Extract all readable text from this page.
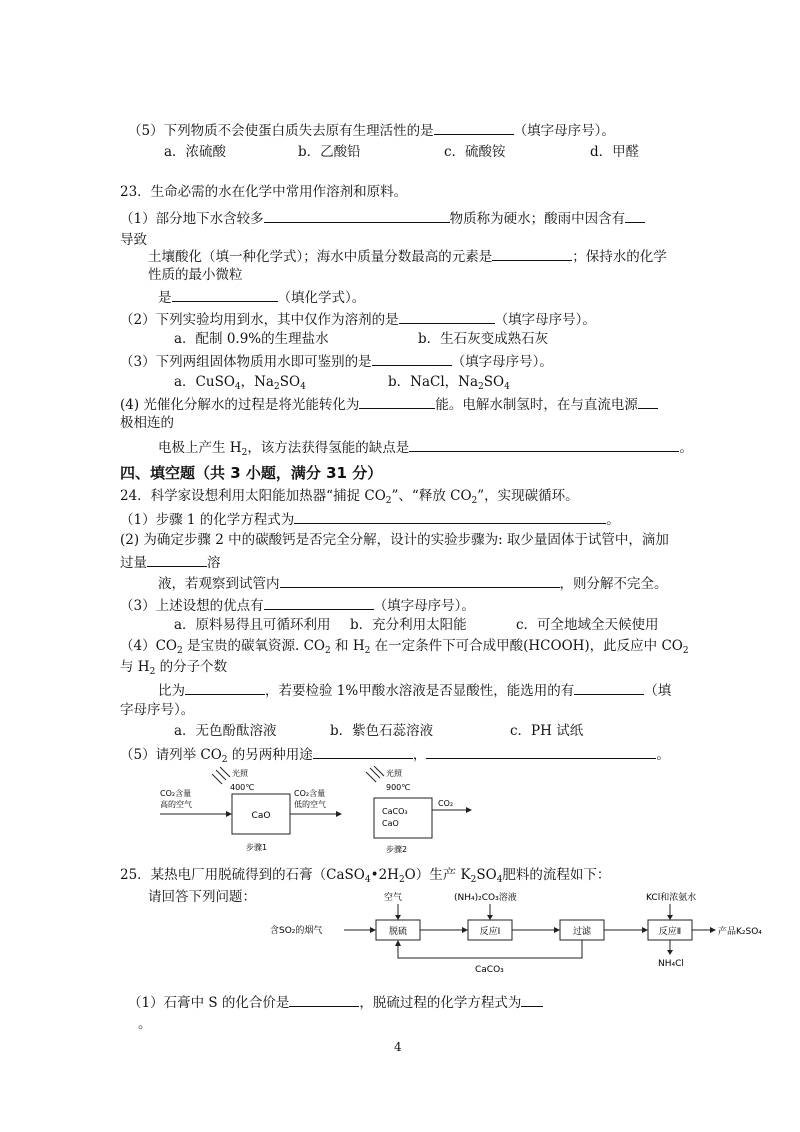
（5）下列物质不会使蛋白质失去原有生理活性的是	（填字母序号）。
a．浓硫酸	b．乙酸铅	c．硫酸铵	d．甲醛
23．生命必需的水在化学中常用作溶剂和原料。
（1）部分地下水含较多	物质称为硬水；酸雨中因含有
导致
土壤酸化（填一种化学式）；海水中质量分数最高的元素是	；保持水的化学
性质的最小微粒
是	（填化学式）。
（2）下列实验均用到水，其中仅作为溶剂的是	（填字母序号）。
a．配制 0.9%的生理盐水	b．生石灰变成熟石灰
（3）下列两组固体物质用水即可鉴别的是	（填字母序号）。
a．CuSO$_4$，$Na_2SO_4$	b．NaCl，$Na_2SO_4$
(4) 光催化分解水的过程是将光能转化为	能。电解水制氢时，在与直流电源
极相连的
电极上产生 $H_2$，该方法获得氢能的缺点是	。
四、填空题（共 3 小题，满分 31 分）
24．科学家设想利用太阳能加热器“捕捉 $CO_2$”、“释放 $CO_2$”，实现碳循环。
（1）步骤 1 的化学方程式为	。
(2) 为确定步骤 2 中的碳酸钙是否完全分解，设计的实验步骤为: 取少量固体于试管中，滴加
过量	溶
液，若观察到试管内	，则分解不完全。
（3）上述设想的优点有	（填字母序号）。
a．原料易得且可循环利用 b．充分利用太阳能	c．可全地域全天候使用
$(4)CO_2$ 是宝贵的碳氧资源. $CO_2$ 和 $H_2$ 在一定条件下可合成甲酸(HCOOH)，此反应中 $CO_2$
与 $H_2$ 的分子个数
比为	，若要检验 1%甲酸水溶液是否显酸性，能选用的有	（填
字母序号）。
a．无色酚酞溶液	b．紫色石蕊溶液	c．PH 试纸
（5）请列举 $CO_2$ 的另两种用途	，	。
光照
400℃
CO₂含量
高的空气
CaO
CO₂含量
低的空气
步骤1
光照
900℃
CaCO₃
CaO
CO₂
步骤2
25．某热电厂用脱硫得到的石膏$(CaSO_4•2H_2O)$生产 $K_2SO_4$肥料的流程如下：
请回答下列问题：
含SO₂的烟气	脱硫
空气
反应Ⅰ
(NH₄)₂CO₃溶液
过滤	反应Ⅱ
KCl和浓氨水
产品K₂SO₄
NH₄Cl
CaCO₃
（1）石膏中 S 的化合价是	，脱硫过程的化学方程式为
。
4
